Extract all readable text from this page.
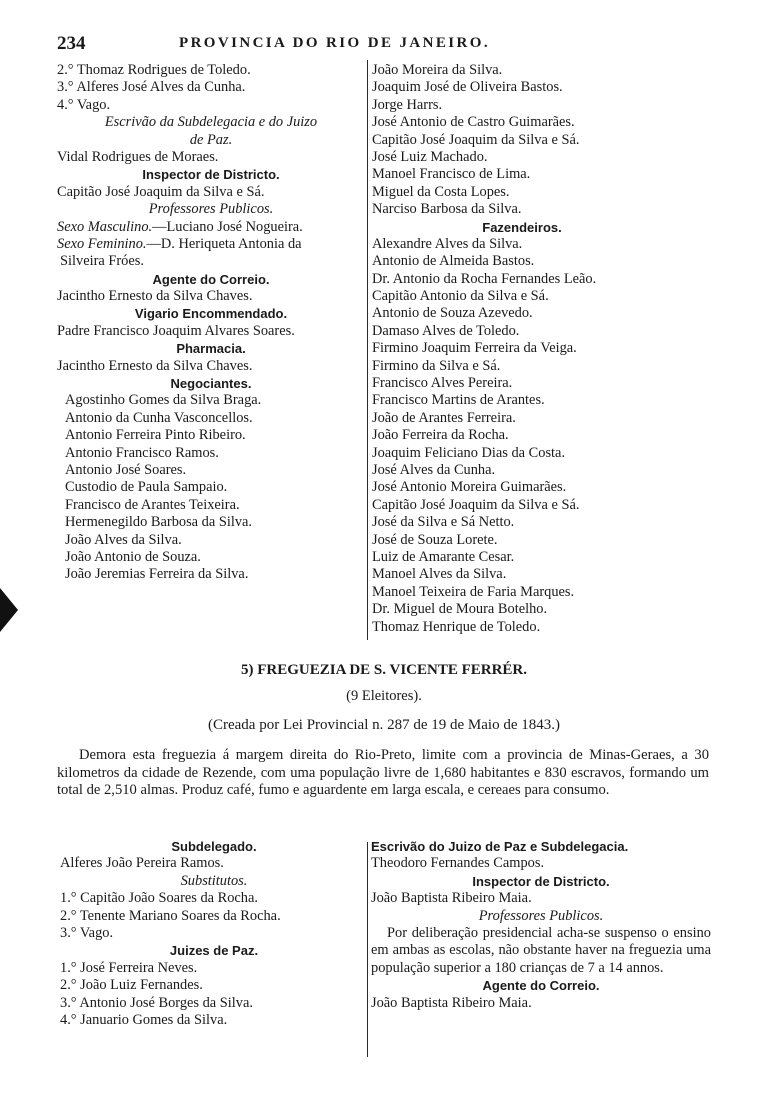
234	PROVINCIA DO RIO DE JANEIRO.
2.° Thomaz Rodrigues de Toledo.
3.° Alferes José Alves da Cunha.
4.° Vago.
Escrivão da Subdelegacia e do Juizo
de Paz.
Vidal Rodrigues de Moraes.
Inspector de Districto.
Capitão José Joaquim da Silva e Sá.
Professores Publicos.
Sexo Masculino.—Luciano José Nogueira.
Sexo Feminino.—D. Heriqueta Antonia da
Silveira Fróes.
Agente do Correio.
Jacintho Ernesto da Silva Chaves.
Vigario Encommendado.
Padre Francisco Joaquim Alvares Soares.
Pharmacia.
Jacintho Ernesto da Silva Chaves.
Negociantes.
Agostinho Gomes da Silva Braga.
Antonio da Cunha Vasconcellos.
Antonio Ferreira Pinto Ribeiro.
Antonio Francisco Ramos.
Antonio José Soares.
Custodio de Paula Sampaio.
Francisco de Arantes Teixeira.
Hermenegildo Barbosa da Silva.
João Alves da Silva.
João Antonio de Souza.
João Jeremias Ferreira da Silva.
João Moreira da Silva.
Joaquim José de Oliveira Bastos.
Jorge Harrs.
José Antonio de Castro Guimarães.
Capitão José Joaquim da Silva e Sá.
José Luiz Machado.
Manoel Francisco de Lima.
Miguel da Costa Lopes.
Narciso Barbosa da Silva.
Fazendeiros.
Alexandre Alves da Silva.
Antonio de Almeida Bastos.
Dr. Antonio da Rocha Fernandes Leão.
Capitão Antonio da Silva e Sá.
Antonio de Souza Azevedo.
Damaso Alves de Toledo.
Firmino Joaquim Ferreira da Veiga.
Firmino da Silva e Sá.
Francisco Alves Pereira.
Francisco Martins de Arantes.
João de Arantes Ferreira.
João Ferreira da Rocha.
Joaquim Feliciano Dias da Costa.
José Alves da Cunha.
José Antonio Moreira Guimarães.
Capitão José Joaquim da Silva e Sá.
José da Silva e Sá Netto.
José de Souza Lorete.
Luiz de Amarante Cesar.
Manoel Alves da Silva.
Manoel Teixeira de Faria Marques.
Dr. Miguel de Moura Botelho.
Thomaz Henrique de Toledo.
5) FREGUEZIA DE S. VICENTE FERRÉR.
(9 Eleitores).
(Creada por Lei Provincial n. 287 de 19 de Maio de 1843.)

Demora esta freguezia á margem direita do Rio-Preto, limite com a provincia de Minas-Geraes, a 30 kilometros da cidade de Rezende, com uma população livre de 1,680 habitantes e 830 escravos, formando um total de 2,510 almas. Produz café, fumo e aguardente em larga escala, e cereaes para consumo.

Subdelegado.
Alferes João Pereira Ramos.
Substitutos.
1.° Capitão João Soares da Rocha.
2.° Tenente Mariano Soares da Rocha.
3.° Vago.
Juizes de Paz.
1.° José Ferreira Neves.
2.° João Luiz Fernandes.
3.° Antonio José Borges da Silva.
4.° Januario Gomes da Silva.
Escrivão do Juizo de Paz e Subdelegacia.
Theodoro Fernandes Campos.
Inspector de Districto.
João Baptista Ribeiro Maia.
Professores Publicos.
Por deliberação presidencial acha-se suspenso o ensino em ambas as escolas, não obstante haver na freguezia uma população superior a 180 crianças de 7 a 14 annos.
Agente do Correio.
João Baptista Ribeiro Maia.
